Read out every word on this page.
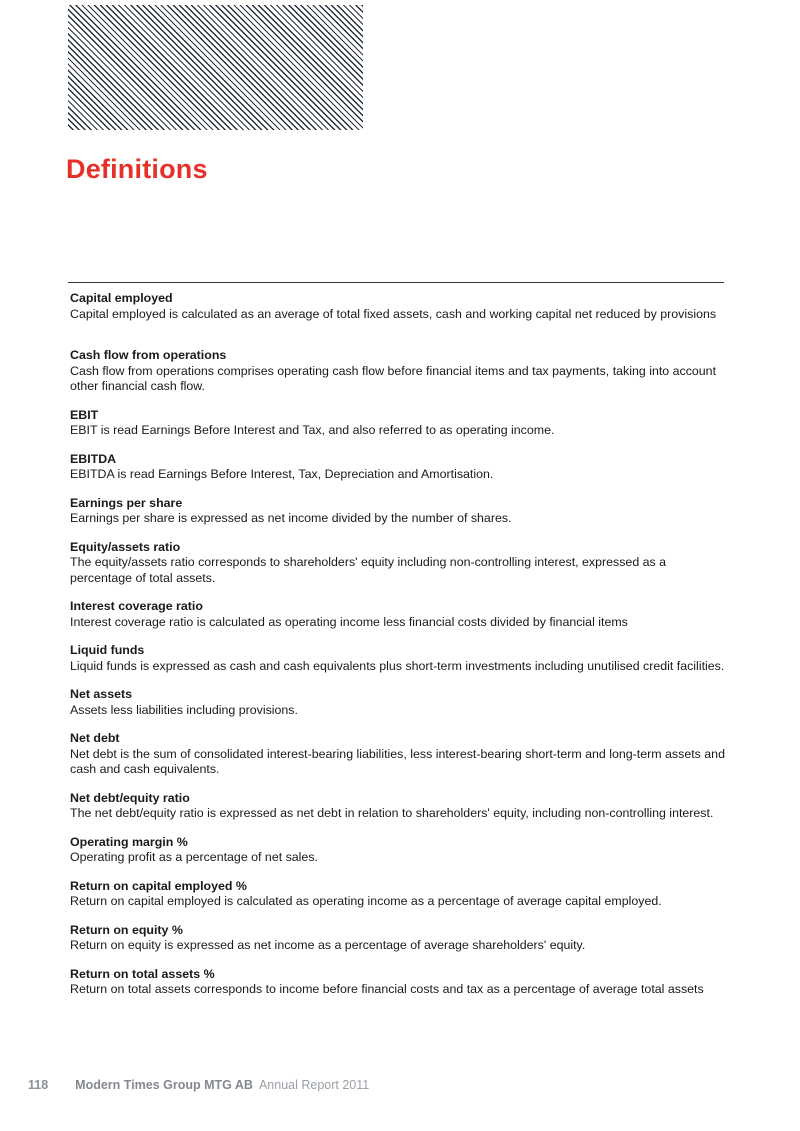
Definitions

Capital employed

Capital employed is calculated as an average of total fixed assets, cash and working capital net reduced by provisions

Cash flow from operations

Cash flow from operations comprises operating cash flow before financial items and tax payments, taking into account other financial cash flow.

EBIT

EBIT is read Earnings Before Interest and Tax, and also referred to as operating income.

EBITDA

EBITDA is read Earnings Before Interest, Tax, Depreciation and Amortisation.

Earnings per share

Earnings per share is expressed as net income divided by the number of shares.

Equity/assets ratio

The equity/assets ratio corresponds to shareholders' equity including non-controlling interest, expressed as a percentage of total assets.

Interest coverage ratio

Interest coverage ratio is calculated as operating income less financial costs divided by financial items

Liquid funds

Liquid funds is expressed as cash and cash equivalents plus short-term investments including unutilised credit facilities.

Net assets

Assets less liabilities including provisions.

Net debt

Net debt is the sum of consolidated interest-bearing liabilities, less interest-bearing short-term and long-term assets and cash and cash equivalents.

Net debt/equity ratio

The net debt/equity ratio is expressed as net debt in relation to shareholders' equity, including non-controlling interest.

Operating margin %

Operating profit as a percentage of net sales.

Return on capital employed %

Return on capital employed is calculated as operating income as a percentage of average capital employed.

Return on equity %

Return on equity is expressed as net income as a percentage of average shareholders' equity.

Return on total assets %

Return on total assets corresponds to income before financial costs and tax as a percentage of average total assets

118 Modern Times Group MTG AB Annual Report 2011
